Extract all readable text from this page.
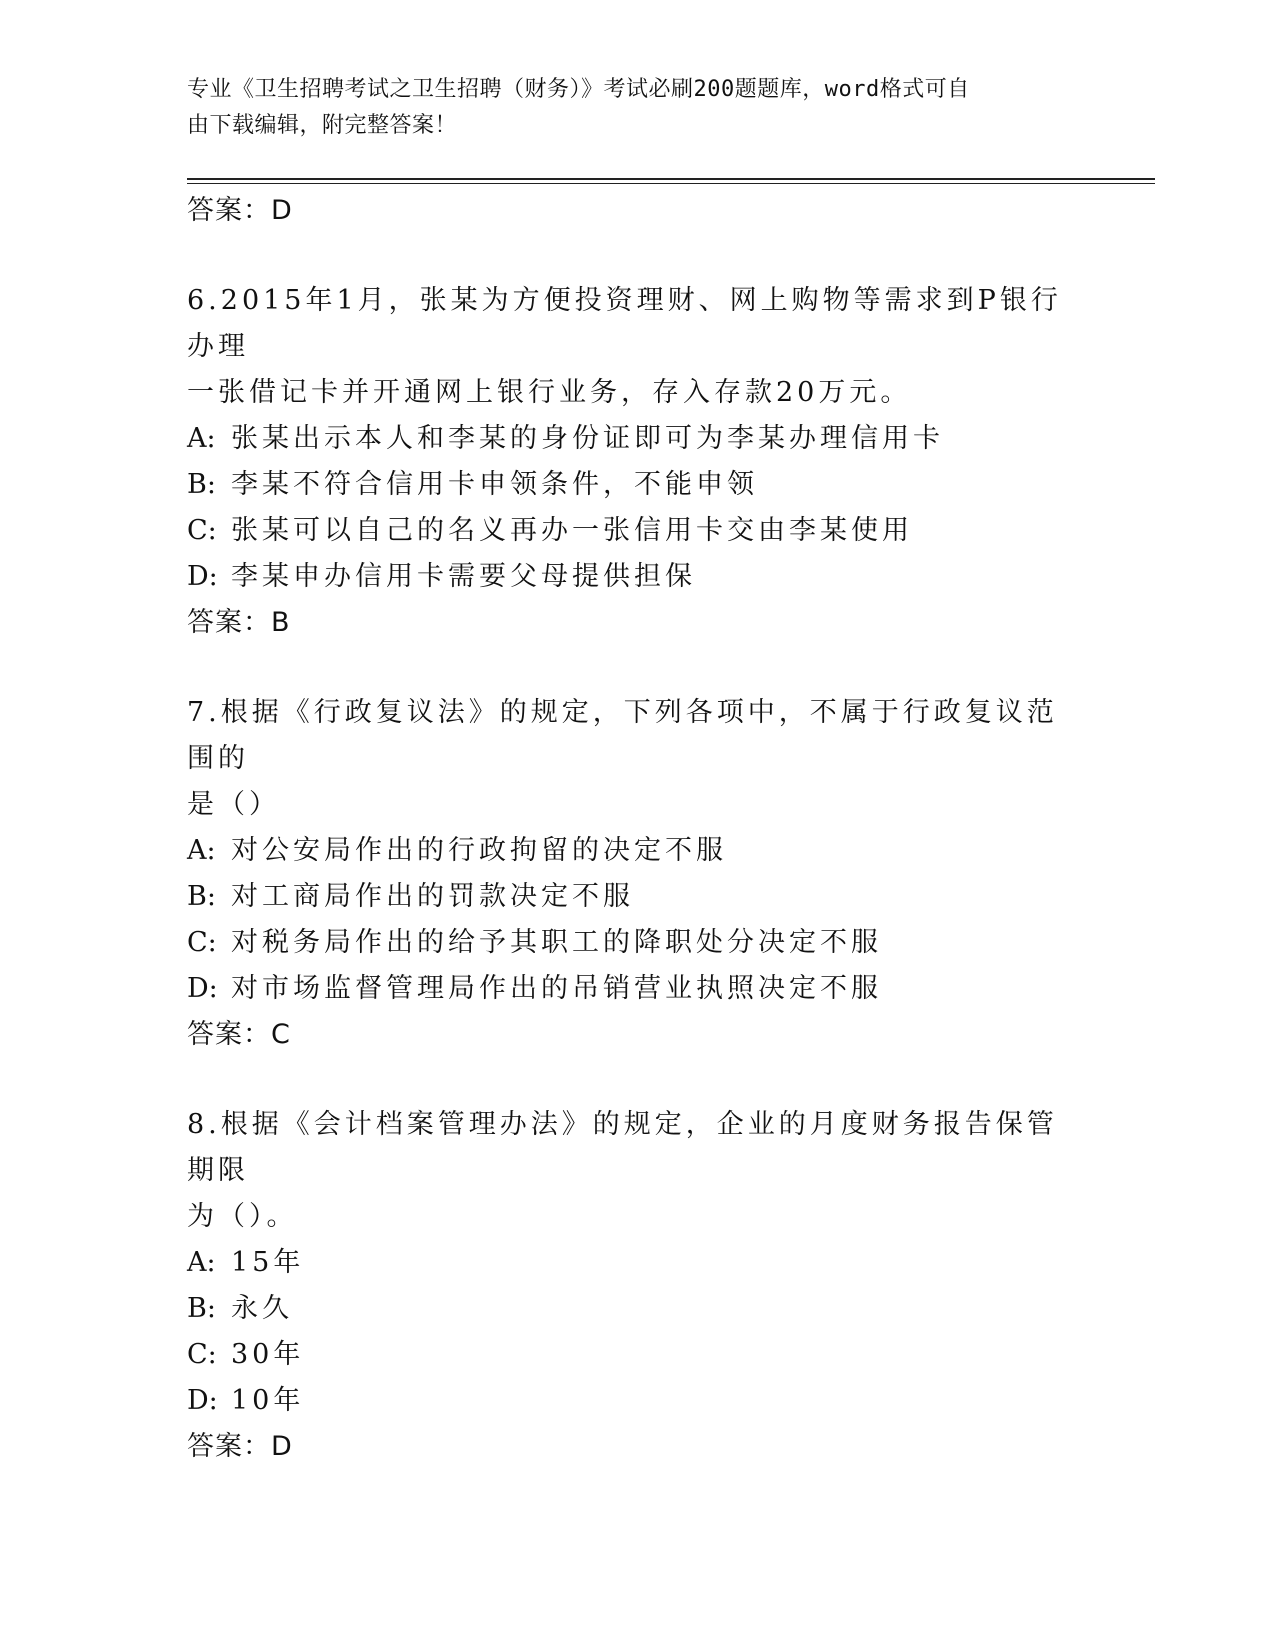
专业《卫生招聘考试之卫生招聘（财务）》考试必刷200题题库，word格式可自
由下载编辑，附完整答案！
答案：D
6.2015年1月，张某为方便投资理财、网上购物等需求到P银行办理
一张借记卡并开通网上银行业务，存入存款20万元。
A: 张某出示本人和李某的身份证即可为李某办理信用卡
B: 李某不符合信用卡申领条件，不能申领
C: 张某可以自己的名义再办一张信用卡交由李某使用
D: 李某申办信用卡需要父母提供担保
答案：B
7.根据《行政复议法》的规定，下列各项中，不属于行政复议范围的
是（）
A: 对公安局作出的行政拘留的决定不服
B: 对工商局作出的罚款决定不服
C: 对税务局作出的给予其职工的降职处分决定不服
D: 对市场监督管理局作出的吊销营业执照决定不服
答案：C
8.根据《会计档案管理办法》的规定，企业的月度财务报告保管期限
为（）。
A: 15年
B: 永久
C: 30年
D: 10年
答案：D
